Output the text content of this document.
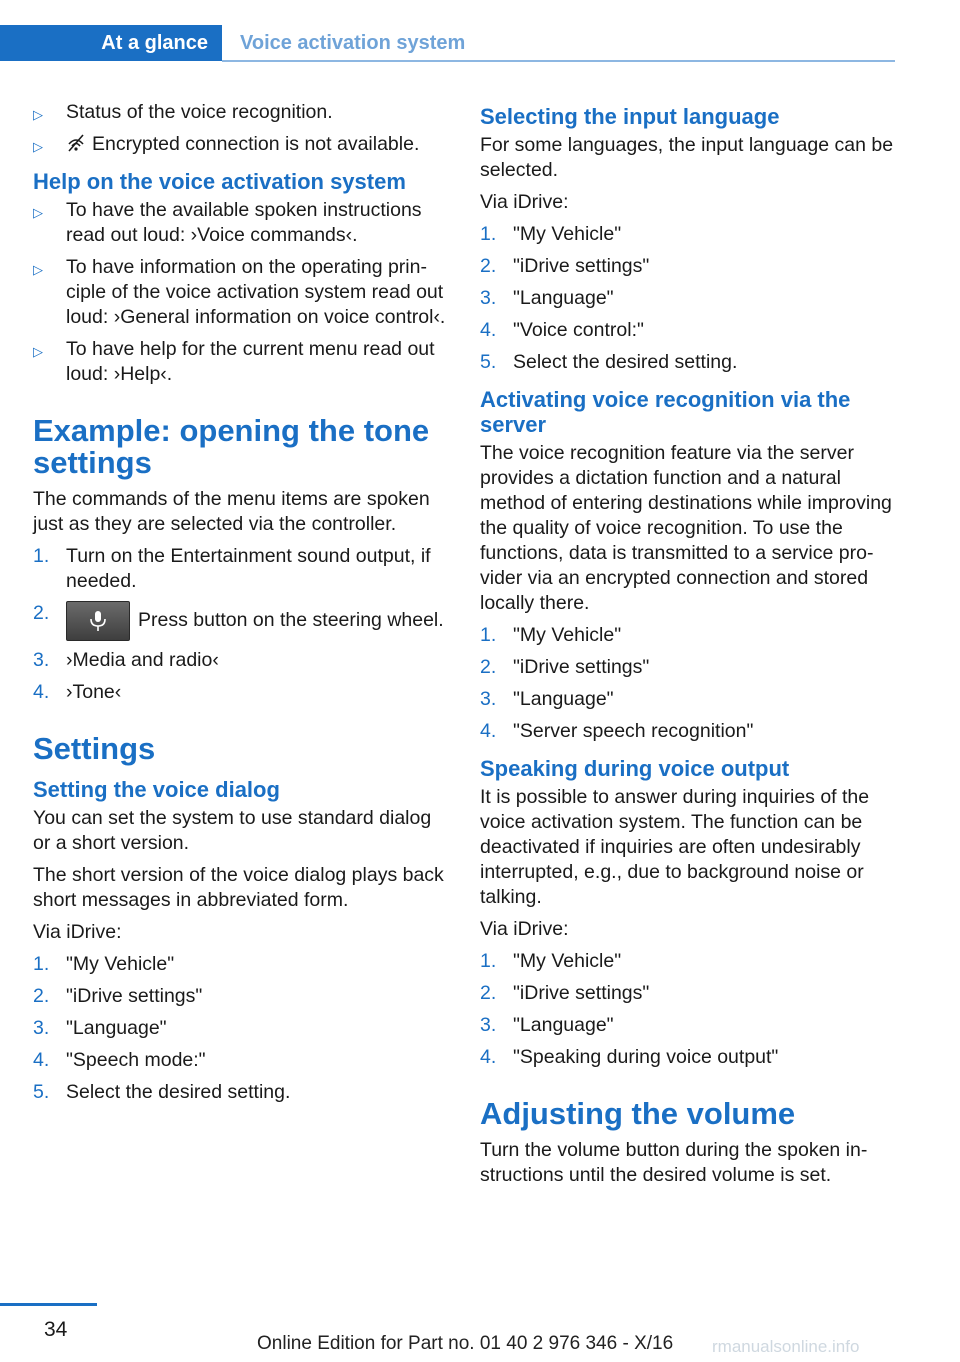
At a glance	Voice activation system
▷ Status of the voice recognition.
▷	Encrypted connection is not available.
Help on the voice activation system
▷ To have the available spoken instructions read out loud: ›Voice commands‹.
▷ To have information on the operating principle of the voice activation system read out loud: ›General information on voice control‹.
▷ To have help for the current menu read out loud: ›Help‹.
Example: opening the tone settings

The commands of the menu items are spoken just as they are selected via the controller.

1. Turn on the Entertainment sound output, if needed.
2.	Press button on the steering wheel.
3. ›Media and radio‹
4. ›Tone‹
Settings
Setting the voice dialog

You can set the system to use standard dialog or a short version.

The short version of the voice dialog plays back short messages in abbreviated form.

Via iDrive:

1. "My Vehicle"
2. "iDrive settings"
3. "Language"
4. "Speech mode:"
5. Select the desired setting.
Selecting the input language

For some languages, the input language can be selected.

Via iDrive:

1. "My Vehicle"
2. "iDrive settings"
3. "Language"
4. "Voice control:"
5. Select the desired setting.
Activating voice recognition via the server

The voice recognition feature via the server provides a dictation function and a natural method of entering destinations while improving the quality of voice recognition. To use the functions, data is transmitted to a service provider via an encrypted connection and stored locally there.

1. "My Vehicle"
2. "iDrive settings"
3. "Language"
4. "Server speech recognition"
Speaking during voice output

It is possible to answer during inquiries of the voice activation system. The function can be deactivated if inquiries are often undesirably interrupted, e.g., due to background noise or talking.

Via iDrive:

1. "My Vehicle"
2. "iDrive settings"
3. "Language"
4. "Speaking during voice output"
Adjusting the volume

Turn the volume button during the spoken instructions until the desired volume is set.

34
Online Edition for Part no. 01 40 2 976 346 - X/16 rmanualsonline.info
